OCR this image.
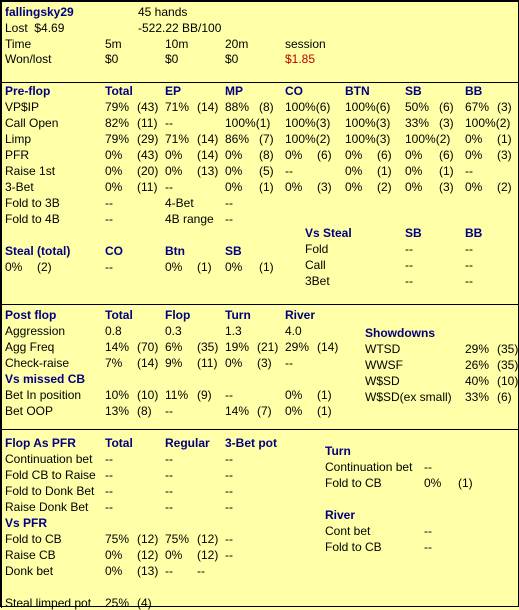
fallingsky29	45 hands
Lost $4.69	-522.22 BB/100
Time	5m	10m	20m	session
Won/lost	$0	$0	$0	$1.85
Pre-flop	Total	EP	MP	CO	BTN	SB	BB
VP$IP	79% (43) 71% (14) 88% (8) 100%(6) 100%(6) 50% (6) 67% (3)
Call Open	82% (11) --	100%(1) 100%(3) 100%(3) 33% (3) 100%(2)
Limp	79% (29) 71% (14) 86% (7) 100%(2) 100%(3) 100%(2) 0% (1)
PFR	0% (43) 0% (14) 0% (8) 0% (6) 0% (6) 0% (6) 0% (3)
Raise 1st	0% (20) 0% (13) 0% (5) --	0% (1) 0% (1) --
3-Bet	0% (11) --	0% (1) 0% (3) 0% (2) 0% (3) 0% (2)
Fold to 3B	--	4-Bet	--
Fold to 4B	--	4B range --
Steal (total)	CO	Btn	SB
0% (2)	--	0% (1) 0% (1)
Vs Steal	SB	BB
Fold	--	--
Call	--	--
3Bet	--	--
Post flop	Total	Flop	Turn	River
Aggression	0.8	0.3	1.3	4.0
Agg Freq	14% (70) 6% (35) 19% (21) 29% (14)
Check-raise	7% (14) 9% (11) 0% (3) --
Vs missed CB
Bet In position 10% (10) 11% (9) --	0% (1)
Bet OOP	13% (8) --	14% (7) 0% (1)
Showdowns
WTSD	29% (35)
WWSF	26% (35)
W$SD	40% (10)
W$SD(ex small) 33% (6)
Flop As PFR Total	Regular 3-Bet pot
Continuation bet --	--	--
Fold CB to Raise --	--	--
Fold to Donk Bet --	--	--
Raise Donk Bet --	--	--
Vs PFR
Fold to CB	75% (12) 75% (12) --
Raise CB	0% (12) 0% (12) --
Donk bet	0% (13) -- --
Turn
Continuation bet --
Fold to CB	0% (1)
River
Cont bet	--
Fold to CB	--
Steal limped pot 25% (4)
